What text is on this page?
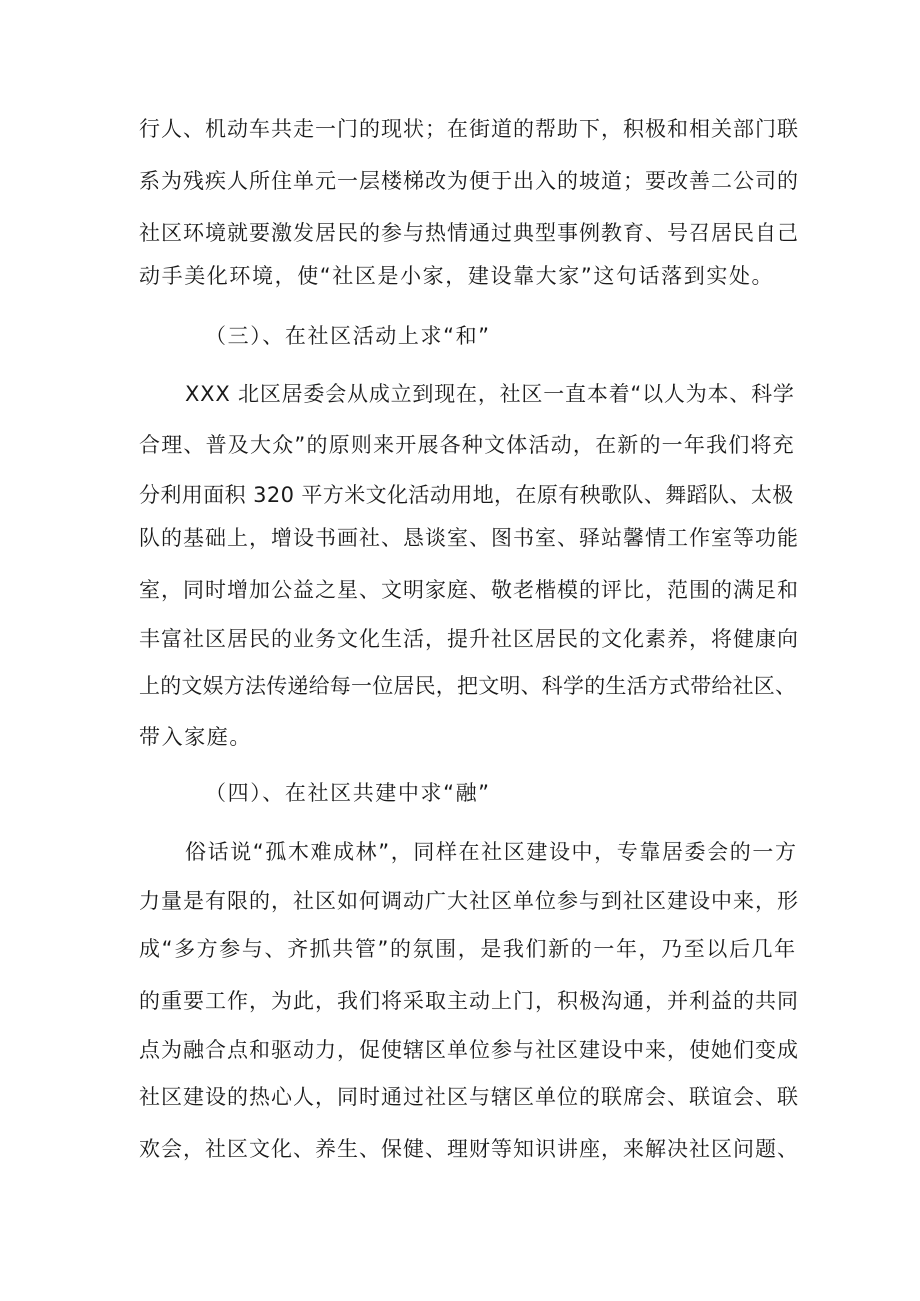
行人、机动车共走一门的现状；在街道的帮助下，积极和相关部门联
系为残疾人所住单元一层楼梯改为便于出入的坡道；要改善二公司的
社区环境就要激发居民的参与热情通过典型事例教育、号召居民自己
动手美化环境，使“社区是小家，建设靠大家”这句话落到实处。
（三）、在社区活动上求“和”
XXX 北区居委会从成立到现在，社区一直本着“以人为本、科学
合理、普及大众”的原则来开展各种文体活动，在新的一年我们将充
分利用面积 320 平方米文化活动用地，在原有秧歌队、舞蹈队、太极
队的基础上，增设书画社、恳谈室、图书室、驿站馨情工作室等功能
室，同时增加公益之星、文明家庭、敬老楷模的评比，范围的满足和
丰富社区居民的业务文化生活，提升社区居民的文化素养，将健康向
上的文娱方法传递给每一位居民，把文明、科学的生活方式带给社区、
带入家庭。
（四）、在社区共建中求“融”
俗话说“孤木难成林”，同样在社区建设中，专靠居委会的一方
力量是有限的，社区如何调动广大社区单位参与到社区建设中来，形
成“多方参与、齐抓共管”的氛围，是我们新的一年，乃至以后几年
的重要工作，为此，我们将采取主动上门，积极沟通，并利益的共同
点为融合点和驱动力，促使辖区单位参与社区建设中来，使她们变成
社区建设的热心人，同时通过社区与辖区单位的联席会、联谊会、联
欢会，社区文化、养生、保健、理财等知识讲座，来解决社区问题、
